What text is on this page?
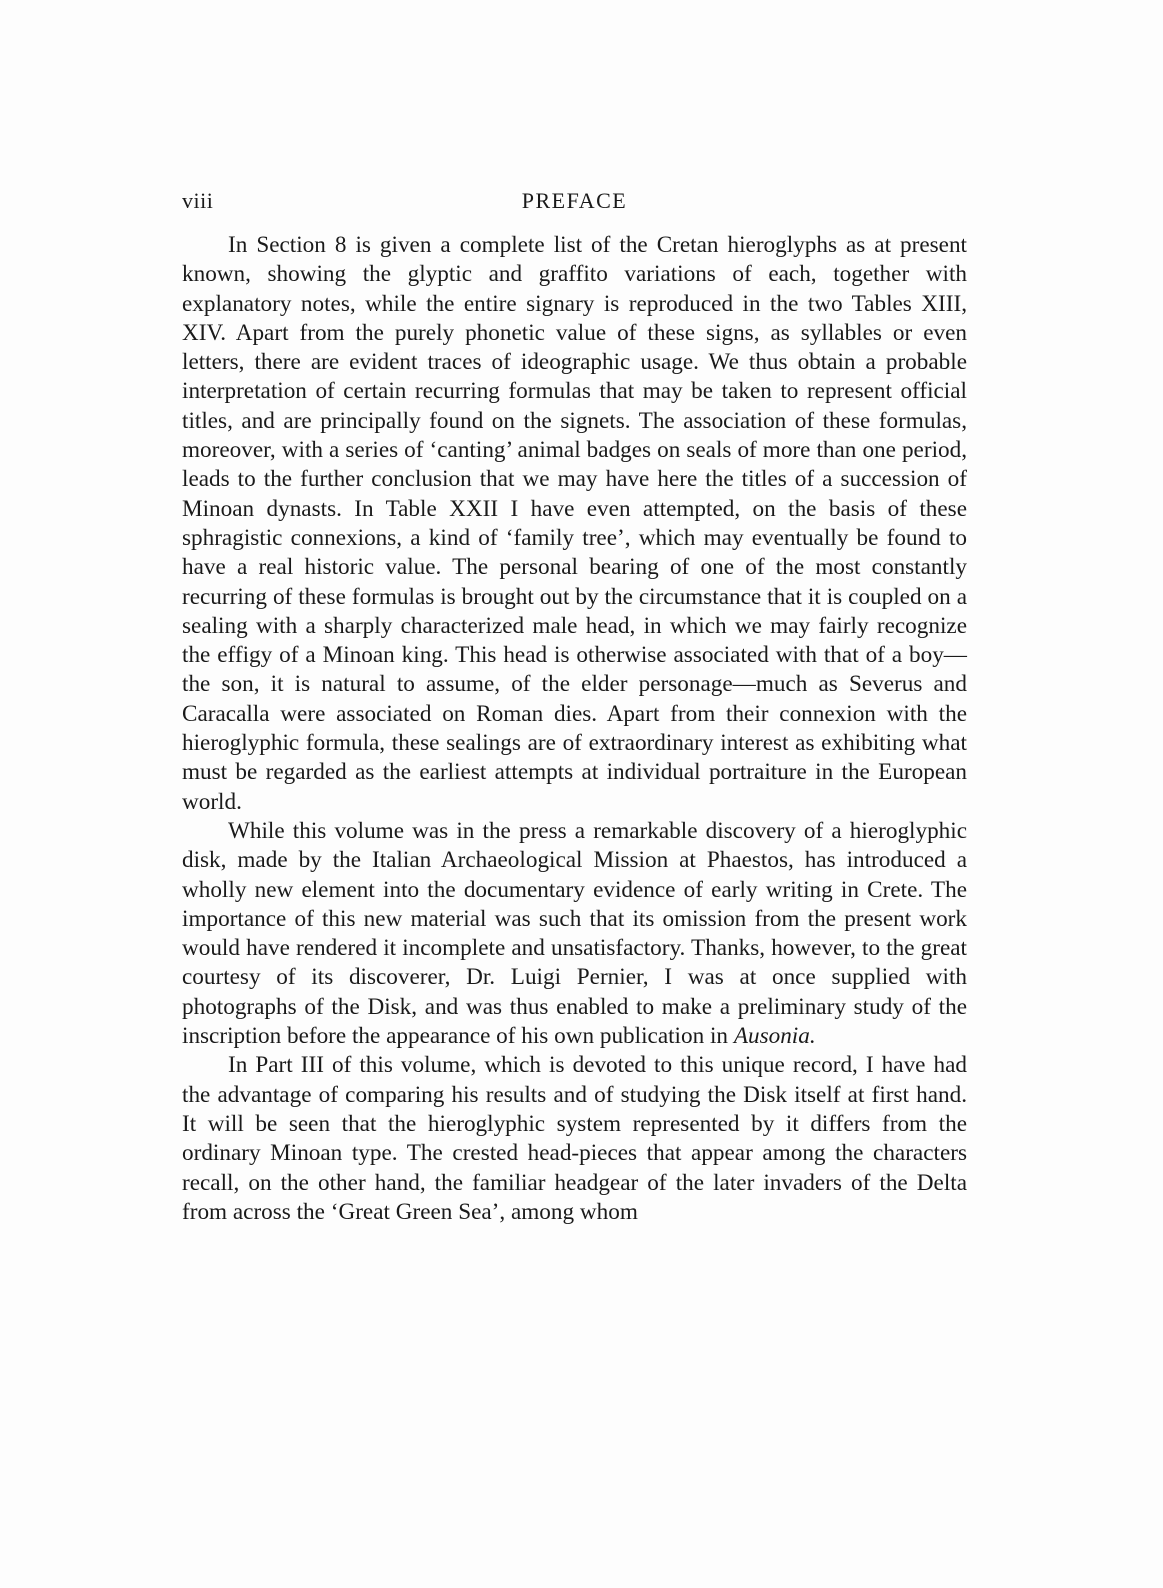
viii	PREFACE

In Section 8 is given a complete list of the Cretan hieroglyphs as at present known, showing the glyptic and graffito variations of each, together with explanatory notes, while the entire signary is reproduced in the two Tables XIII, XIV. Apart from the purely phonetic value of these signs, as syllables or even letters, there are evident traces of ideographic usage. We thus obtain a probable interpretation of certain recurring formulas that may be taken to represent official titles, and are principally found on the signets. The association of these formulas, moreover, with a series of ‘canting’ animal badges on seals of more than one period, leads to the further conclusion that we may have here the titles of a succession of Minoan dynasts. In Table XXII I have even attempted, on the basis of these sphragistic connexions, a kind of ‘family tree’, which may eventually be found to have a real historic value. The personal bearing of one of the most constantly recurring of these formulas is brought out by the circumstance that it is coupled on a sealing with a sharply characterized male head, in which we may fairly recognize the effigy of a Minoan king. This head is otherwise associated with that of a boy—the son, it is natural to assume, of the elder personage—much as Severus and Caracalla were associated on Roman dies. Apart from their connexion with the hieroglyphic formula, these sealings are of extraordinary interest as exhibiting what must be regarded as the earliest attempts at individual portraiture in the European world.

While this volume was in the press a remarkable discovery of a hieroglyphic disk, made by the Italian Archaeological Mission at Phaestos, has introduced a wholly new element into the documentary evidence of early writing in Crete. The importance of this new material was such that its omission from the present work would have rendered it incomplete and unsatisfactory. Thanks, however, to the great courtesy of its discoverer, Dr. Luigi Pernier, I was at once supplied with photographs of the Disk, and was thus enabled to make a preliminary study of the inscription before the appearance of his own publication in Ausonia.

In Part III of this volume, which is devoted to this unique record, I have had the advantage of comparing his results and of studying the Disk itself at first hand. It will be seen that the hieroglyphic system represented by it differs from the ordinary Minoan type. The crested head-pieces that appear among the characters recall, on the other hand, the familiar headgear of the later invaders of the Delta from across the ‘Great Green Sea’, among whom
